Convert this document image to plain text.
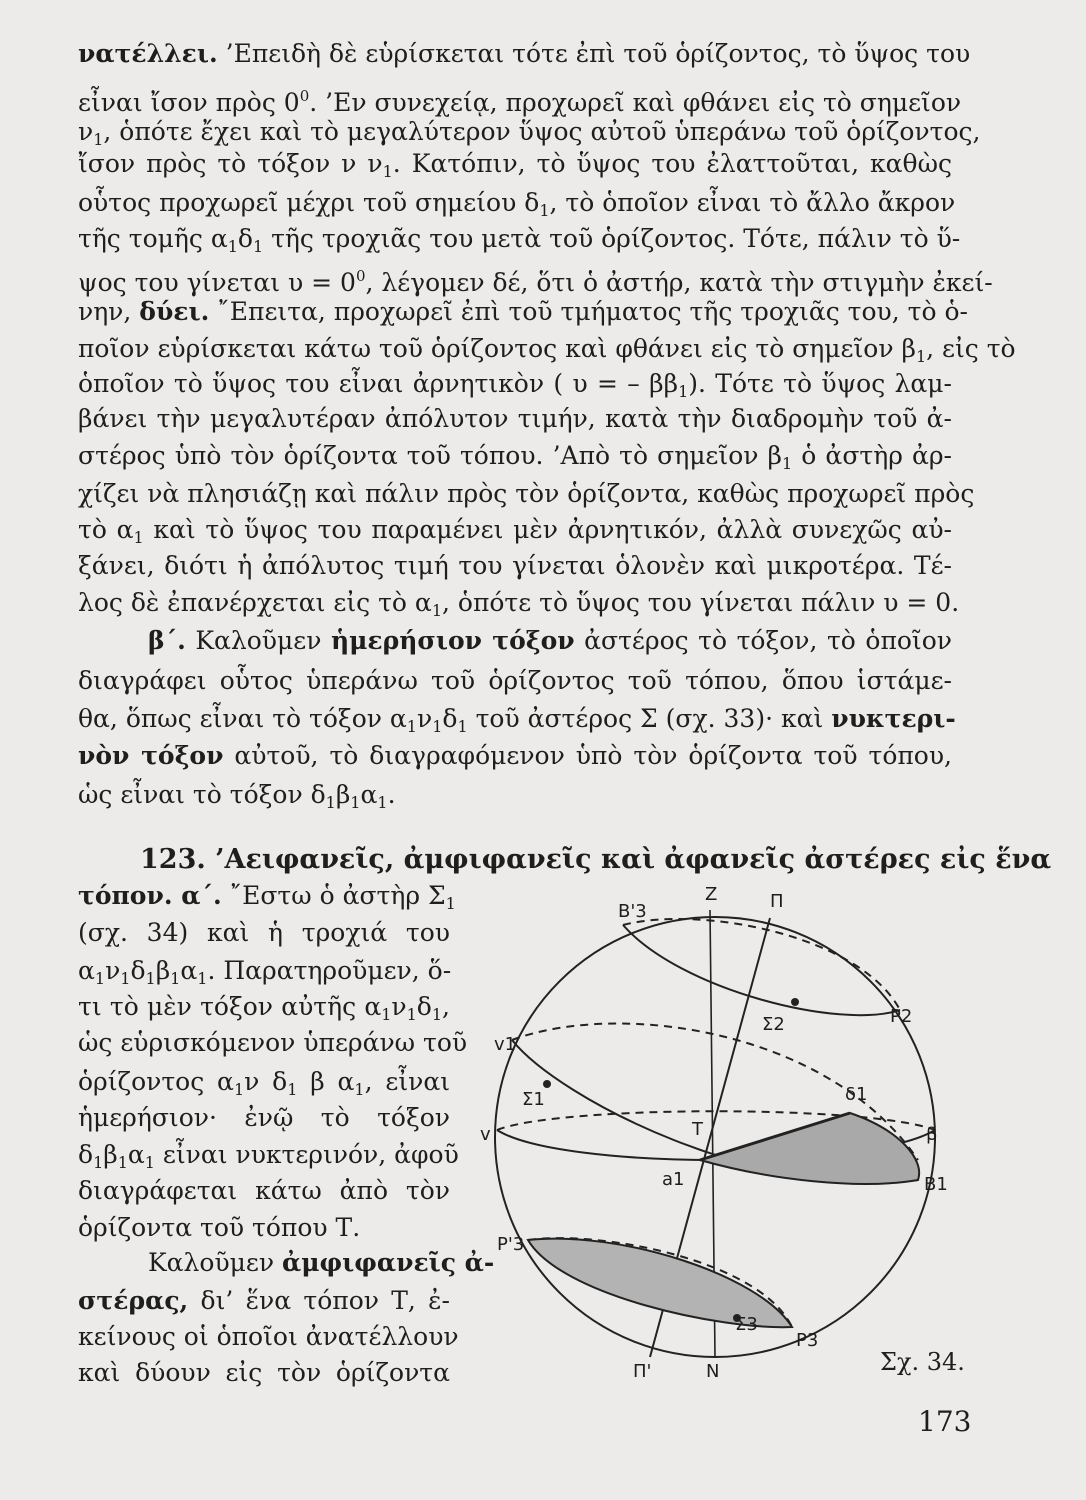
νατέλλει. ’Επειδὴ δὲ εὑρίσκεται τότε ἐπὶ τοῦ ὁρίζοντος, τὸ ὕψος του
εἶναι ἴσον πρὸς $0^0$. ’Εν συνεχείᾳ, προχωρεῖ καὶ φθάνει εἰς τὸ σημεῖον
$\nu_1$, ὁπότε ἔχει καὶ τὸ μεγαλύτερον ὕψος αὐτοῦ ὑπεράνω τοῦ ὁρίζοντος,
ἴσον πρὸς τὸ τόξον ν $\nu_1$. Κατόπιν, τὸ ὕψος του ἐλαττοῦται, καθὼς
οὗτος προχωρεῖ μέχρι τοῦ σημείου $\delta_1$, τὸ ὁποῖον εἶναι τὸ ἄλλο ἄκρον
τῆς τομῆς $\alpha_1\delta_1$ τῆς τροχιᾶς του μετὰ τοῦ ὁρίζοντος. Τότε, πάλιν τὸ ὕ-
ψος του γίνεται $\upsilon = 0^0$, λέγομεν δέ, ὅτι ὁ ἀστήρ, κατὰ τὴν στιγμὴν ἐκεί-
νην, δύει. ῎Επειτα, προχωρεῖ ἐπὶ τοῦ τμήματος τῆς τροχιᾶς του, τὸ ὁ-
ποῖον εὑρίσκεται κάτω τοῦ ὁρίζοντος καὶ φθάνει εἰς τὸ σημεῖον $\beta_1$, εἰς τὸ
ὁποῖον τὸ ὕψος του εἶναι ἀρνητικὸν ( υ = – $\beta\beta_1$). Τότε τὸ ὕψος λαμ-
βάνει τὴν μεγαλυτέραν ἀπόλυτον τιμήν, κατὰ τὴν διαδρομὴν τοῦ ἀ-
στέρος ὑπὸ τὸν ὁρίζοντα τοῦ τόπου. ’Απὸ τὸ σημεῖον $\beta_1$ ὁ ἀστὴρ ἀρ-
χίζει νὰ πλησιάζῃ καὶ πάλιν πρὸς τὸν ὁρίζοντα, καθὼς προχωρεῖ πρὸς
τὸ $\alpha_1$ καὶ τὸ ὕψος του παραμένει μὲν ἀρνητικόν, ἀλλὰ συνεχῶς αὐ-
ξάνει, διότι ἡ ἀπόλυτος τιμή του γίνεται ὁλονὲν καὶ μικροτέρα. Τέ-
λος δὲ ἐπανέρχεται εἰς τὸ $\alpha_1$, ὁπότε τὸ ὕψος του γίνεται πάλιν υ = 0.
β΄. Καλοῦμεν ἡμερήσιον τόξον ἀστέρος τὸ τόξον, τὸ ὁποῖον
διαγράφει οὗτος ὑπεράνω τοῦ ὁρίζοντος τοῦ τόπου, ὅπου ἱστάμε-
θα, ὅπως εἶναι τὸ τόξον $\alpha_1\nu_1\delta_1$ τοῦ ἀστέρος Σ (σχ. 33)· καὶ νυκτερι-
νὸν τόξον αὐτοῦ, τὸ διαγραφόμενον ὑπὸ τὸν ὁρίζοντα τοῦ τόπου,
ὡς εἶναι τὸ τόξον $\delta_1\beta_1\alpha_1$.
123. ’Αειφανεῖς, ἀμφιφανεῖς καὶ ἀφανεῖς ἀστέρες εἰς ἕνα
τόπον. α΄. ῎Εστω ὁ ἀστὴρ $\Sigma_1$
(σχ. 34) καὶ ἡ τροχιά του
$\alpha_1\nu_1\delta_1\beta_1\alpha_1$. Παρατηροῦμεν, ὅ-
τι τὸ μὲν τόξον αὐτῆς $\alpha_1\nu_1\delta_1$,
ὡς εὑρισκόμενον ὑπεράνω τοῦ
ὁρίζοντος $\alpha_1\nu$ $\delta_1$ β $\alpha_1$, εἶναι
ἡμερήσιον· ἐνῷ τὸ τόξον
$\delta_1\beta_1\alpha_1$ εἶναι νυκτερινόν, ἀφοῦ
διαγράφεται κάτω ἀπὸ τὸν
ὁρίζοντα τοῦ τόπου Τ.
Καλοῦμεν ἀμφιφανεῖς ἀ-
στέρας, δι’ ἕνα τόπον Τ, ἐ-
κείνους οἱ ὁποῖοι ἀνατέλλουν
καὶ δύουν εἰς τὸν ὁρίζοντα
B'3
Z	Π
P2
Σ2
v1
Σ1	δ1
v	T	β
a1	B1
P'3
Σ3
P3
Π'	N	Σχ. 34.
173
